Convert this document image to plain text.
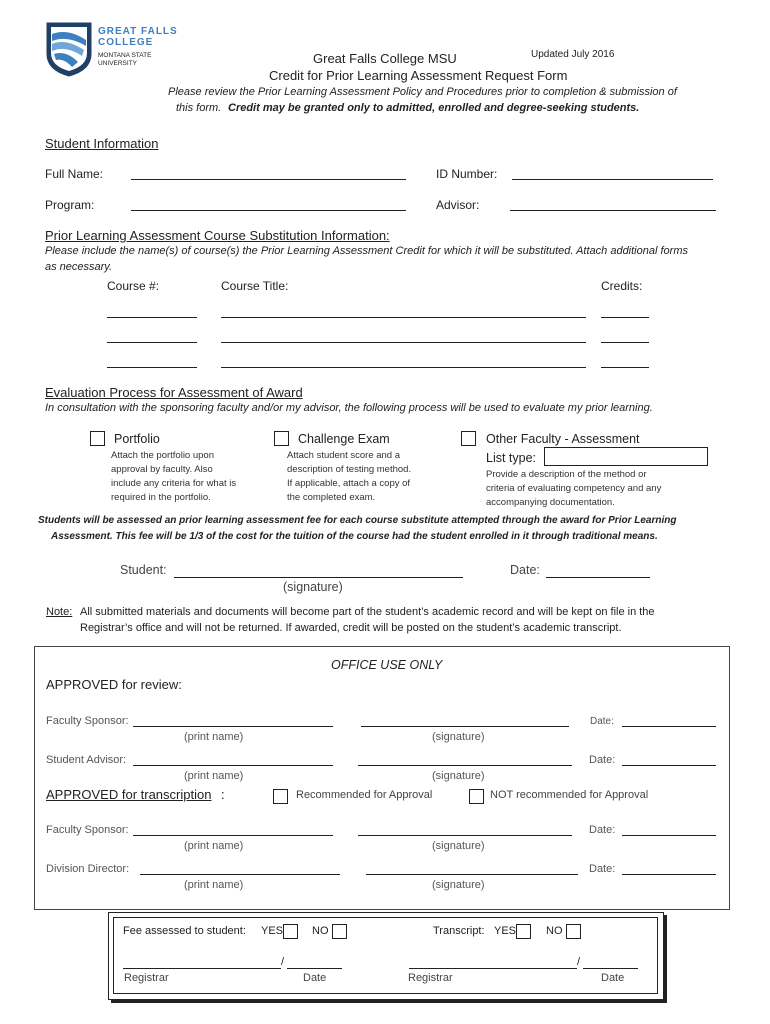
GREAT FALLS
COLLEGE
MONTANA STATE
UNIVERSITY	Great Falls College MSU	Updated July 2016
Credit for Prior Learning Assessment Request Form
Please review the Prior Learning Assessment Policy and Procedures prior to completion & submission of
this form. Credit may be granted only to admitted, enrolled and degree-seeking students.
Student Information
Full Name:	ID Number:
Program:	Advisor:
Prior Learning Assessment Course Substitution Information:
Please include the name(s) of course(s) the Prior Learning Assessment Credit for which it will be substituted. Attach additional forms
as necessary.
Course #:	Course Title:	Credits:
Evaluation Process for Assessment of Award
In consultation with the sponsoring faculty and/or my advisor, the following process will be used to evaluate my prior learning.
Portfolio
Attach the portfolio upon
approval by faculty. Also
include any criteria for what is
required in the portfolio.
Challenge Exam
Attach student score and a
description of testing method.
If applicable, attach a copy of
the completed exam.
Other Faculty - Assessment
List type:
Provide a description of the method or
criteria of evaluating competency and any
accompanying documentation.
Students will be assessed an prior learning assessment fee for each course substitute attempted through the award for Prior Learning
Assessment. This fee will be 1/3 of the cost for the tuition of the course had the student enrolled in it through traditional means.
Student:
(signature)
Date:
Note: All submitted materials and documents will become part of the student’s academic record and will be kept on file in the
Registrar’s office and will not be returned. If awarded, credit will be posted on the student’s academic transcript.
OFFICE USE ONLY
APPROVED for review:
Faculty Sponsor:	Date:
(print name)	(signature)
Student Advisor:	Date:
(print name)	(signature)
APPROVED for transcription :	Recommended for Approval	NOT recommended for Approval
Faculty Sponsor:	Date:
(print name)	(signature)
Division Director:	Date:
(print name)	(signature)
Fee assessed to student: YES	NO	Transcript: YES	NO
/
Registrar	Date
/
Registrar	Date
